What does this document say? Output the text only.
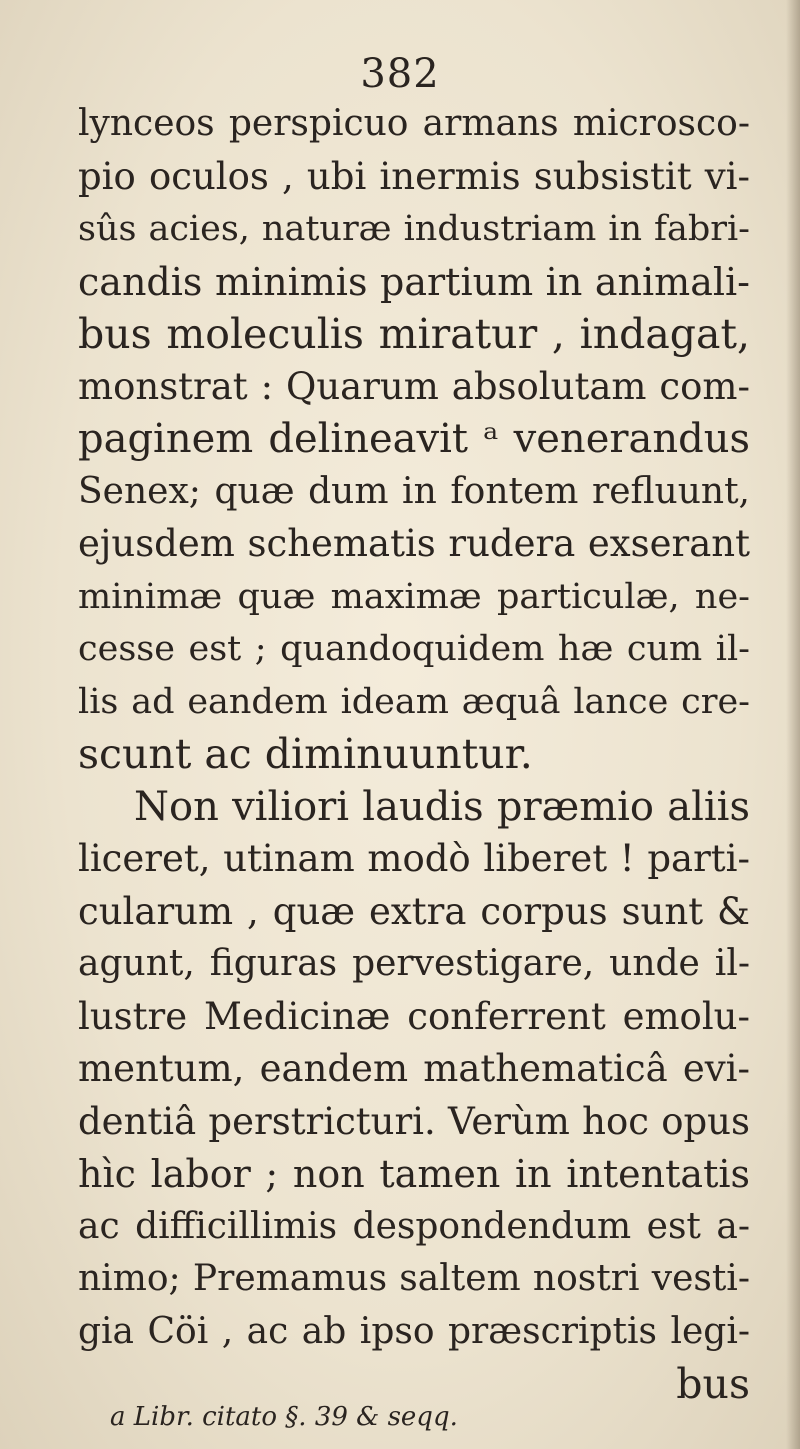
382
lynceos perspicuo armans microsco-
pio oculos , ubi inermis subsistit vi-
sûs acies, naturæ industriam in fabri-
candis minimis partium in animali-
bus moleculis miratur , indagat,
monstrat : Quarum absolutam com-
paginem delineavit ᵃ venerandus
Senex; quæ dum in fontem refluunt,
ejusdem schematis rudera exserant
minimæ quæ maximæ particulæ, ne-
cesse est ; quandoquidem hæ cum il-
lis ad eandem ideam æquâ lance cre-
scunt ac diminuuntur.
Non viliori laudis præmio aliis
liceret, utinam modò liberet ! parti-
cularum , quæ extra corpus sunt &
agunt, figuras pervestigare, unde il-
lustre Medicinæ conferrent emolu-
mentum, eandem mathematicâ evi-
dentiâ perstricturi. Verùm hoc opus
hìc labor ; non tamen in intentatis
ac difficillimis despondendum est a-
nimo; Premamus saltem nostri vesti-
gia Cöi , ac ab ipso præscriptis legi-
bus
a Libr. citato §. 39 & seqq.
